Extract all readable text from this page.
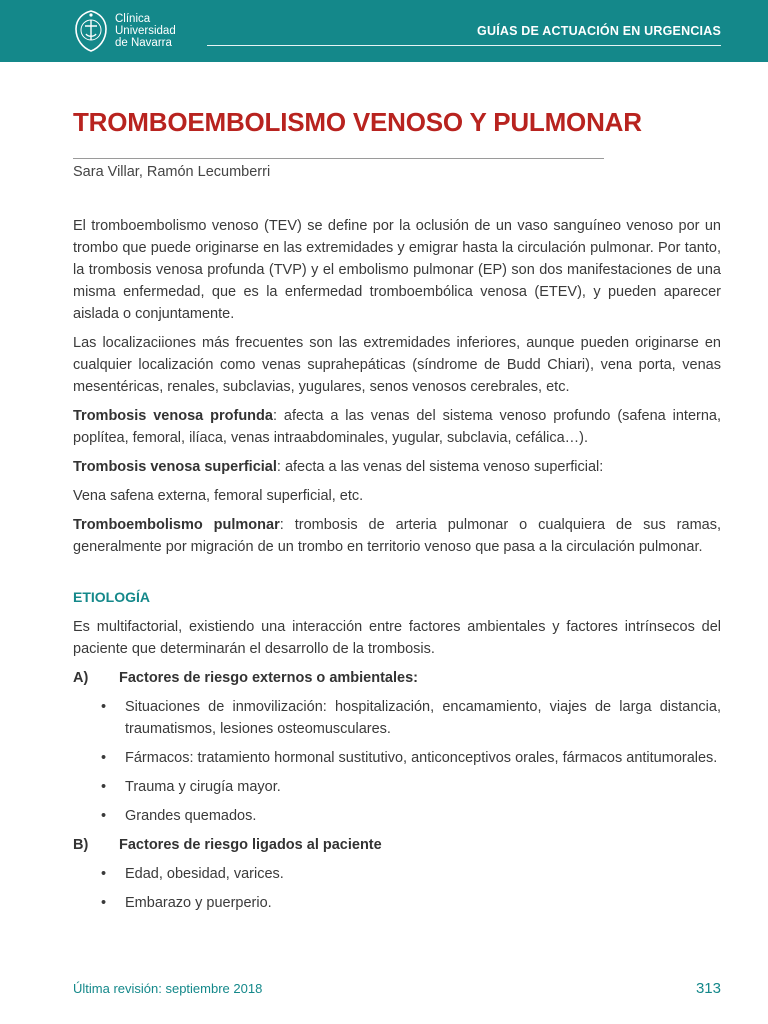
Clínica
Universidad
de Navarra
GUÍAS DE ACTUACIÓN EN URGENCIAS
TROMBOEMBOLISMO VENOSO Y PULMONAR
Sara Villar, Ramón Lecumberri

El tromboembolismo venoso (TEV) se define por la oclusión de un vaso sanguíneo venoso por un trombo que puede originarse en las extremidades y emigrar hasta la circulación pulmonar. Por tanto, la trombosis venosa profunda (TVP) y el embolismo pulmonar (EP) son dos manifestaciones de una misma enfermedad, que es la enfermedad tromboembólica venosa (ETEV), y pueden aparecer aislada o conjuntamente.

Las localizaciiones más frecuentes son las extremidades inferiores, aunque pueden originarse en cualquier localización como venas suprahepáticas (síndrome de Budd Chiari), vena porta, venas mesentéricas, renales, subclavias, yugulares, senos venosos cerebrales, etc.

Trombosis venosa profunda: afecta a las venas del sistema venoso profundo (safena interna, poplítea, femoral, ilíaca, venas intraabdominales, yugular, subclavia, cefálica…).

Trombosis venosa superficial: afecta a las venas del sistema venoso superficial:

Vena safena externa, femoral superficial, etc.

Tromboembolismo pulmonar: trombosis de arteria pulmonar o cualquiera de sus ramas, generalmente por migración de un trombo en territorio venoso que pasa a la circulación pulmonar.

ETIOLOGÍA

Es multifactorial, existiendo una interacción entre factores ambientales y factores intrínsecos del paciente que determinarán el desarrollo de la trombosis.

A)	Factores de riesgo externos o ambientales:
• Situaciones de inmovilización: hospitalización, encamamiento, viajes de larga distancia, traumatismos, lesiones osteomusculares.
• Fármacos: tratamiento hormonal sustitutivo, anticonceptivos orales, fármacos antitumorales.
• Trauma y cirugía mayor.
• Grandes quemados.
B)	Factores de riesgo ligados al paciente
• Edad, obesidad, varices.
• Embarazo y puerperio.
Última revisión: septiembre 2018	313
